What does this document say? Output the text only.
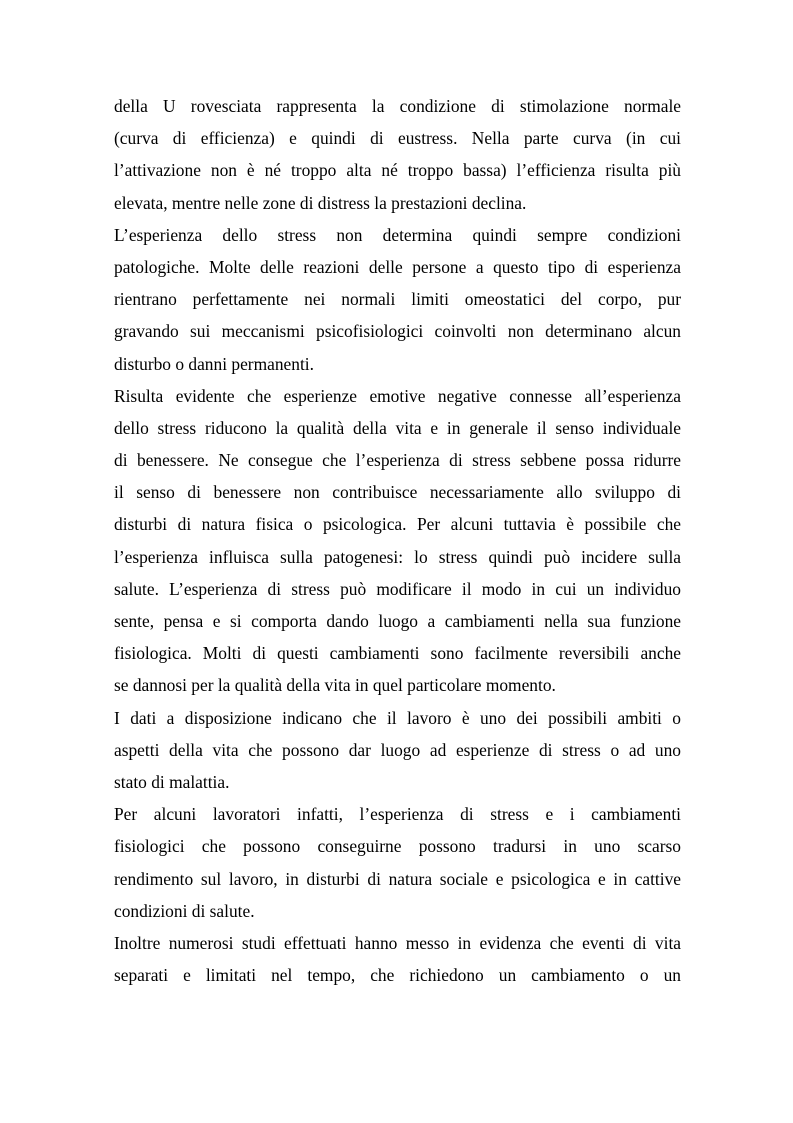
della U rovesciata rappresenta la condizione di stimolazione normale
(curva di efficienza) e quindi di eustress. Nella parte curva (in cui
l’attivazione non è né troppo alta né troppo bassa) l’efficienza risulta più
elevata, mentre nelle zone di distress la prestazioni declina.
L’esperienza dello stress non determina quindi sempre condizioni
patologiche. Molte delle reazioni delle persone a questo tipo di esperienza
rientrano perfettamente nei normali limiti omeostatici del corpo, pur
gravando sui meccanismi psicofisiologici coinvolti non determinano alcun
disturbo o danni permanenti.
Risulta evidente che esperienze emotive negative connesse all’esperienza
dello stress riducono la qualità della vita e in generale il senso individuale
di benessere. Ne consegue che l’esperienza di stress sebbene possa ridurre
il senso di benessere non contribuisce necessariamente allo sviluppo di
disturbi di natura fisica o psicologica. Per alcuni tuttavia è possibile che
l’esperienza influisca sulla patogenesi: lo stress quindi può incidere sulla
salute. L’esperienza di stress può modificare il modo in cui un individuo
sente, pensa e si comporta dando luogo a cambiamenti nella sua funzione
fisiologica. Molti di questi cambiamenti sono facilmente reversibili anche
se dannosi per la qualità della vita in quel particolare momento.
I dati a disposizione indicano che il lavoro è uno dei possibili ambiti o
aspetti della vita che possono dar luogo ad esperienze di stress o ad uno
stato di malattia.
Per alcuni lavoratori infatti, l’esperienza di stress e i cambiamenti
fisiologici che possono conseguirne possono tradursi in uno scarso
rendimento sul lavoro, in disturbi di natura sociale e psicologica e in cattive
condizioni di salute.
Inoltre numerosi studi effettuati hanno messo in evidenza che eventi di vita
separati e limitati nel tempo, che richiedono un cambiamento o un
